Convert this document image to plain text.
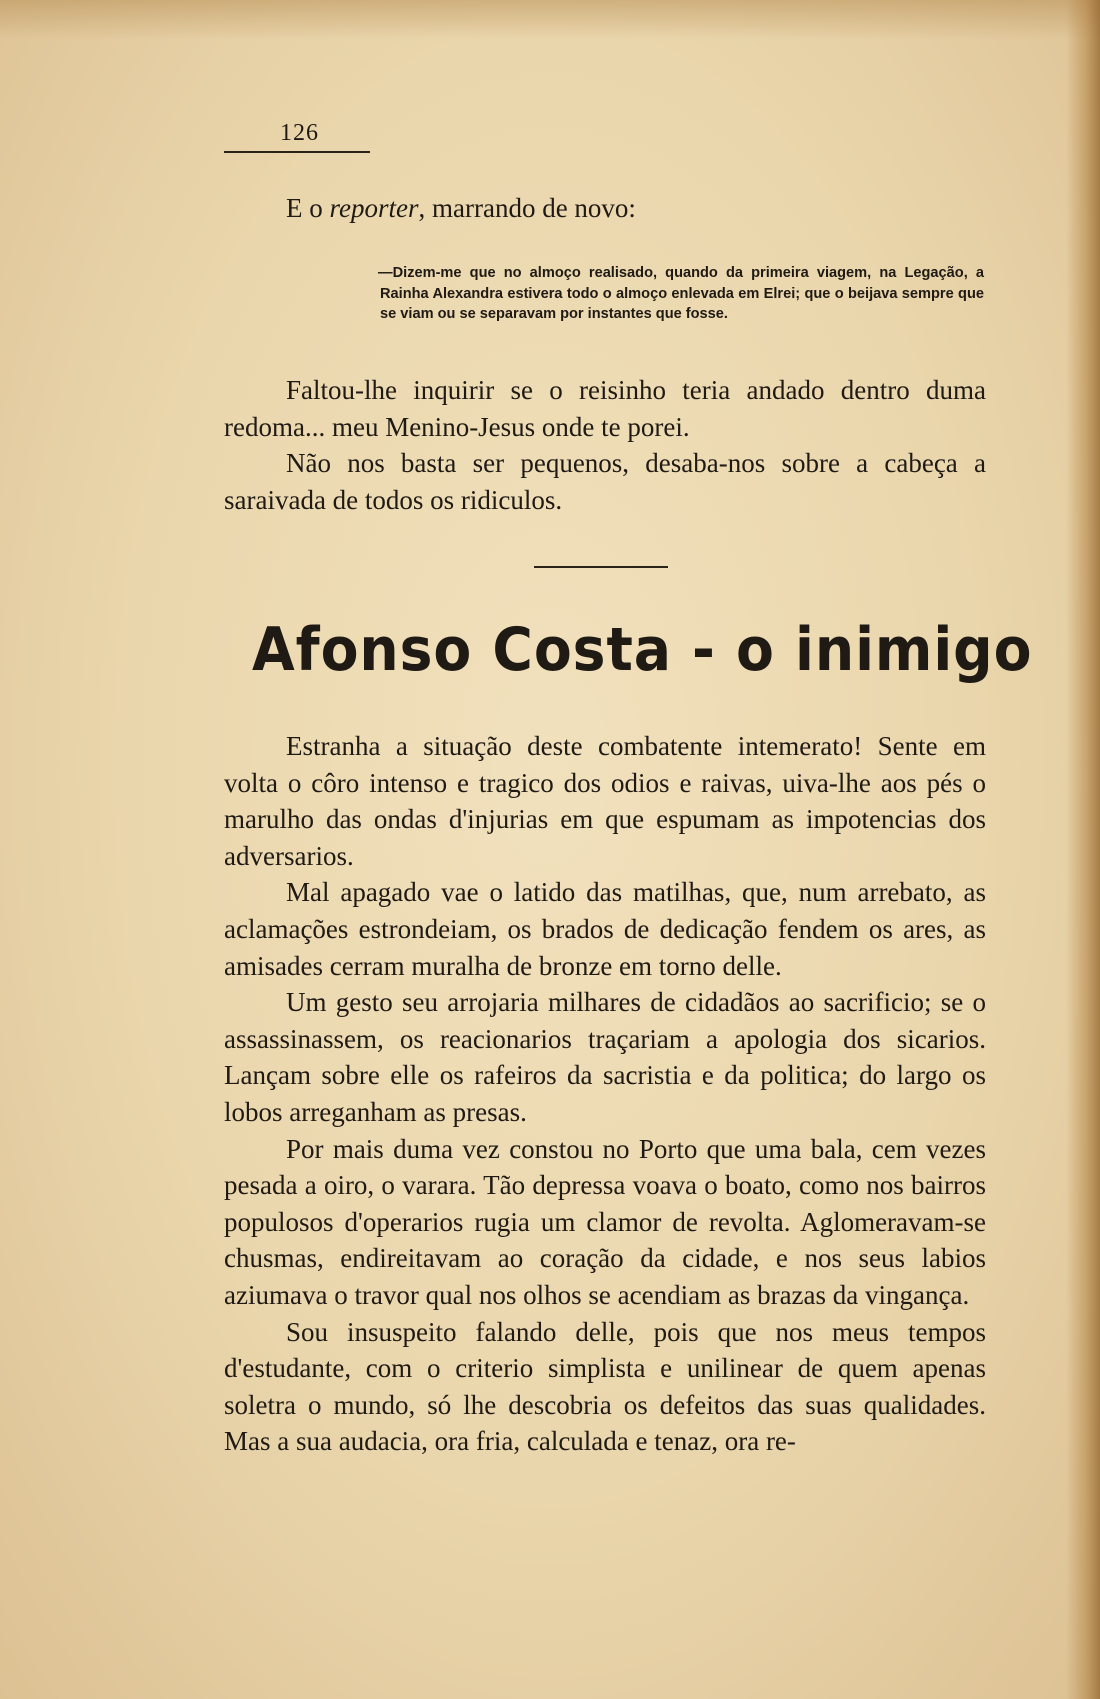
126

E o reporter, marrando de novo:

—Dizem-me que no almoço realisado, quando da primeira viagem, na Legação, a Rainha Alexandra estivera todo o almoço enlevada em Elrei; que o beijava sempre que se viam ou se separavam por instantes que fosse.

Faltou-lhe inquirir se o reisinho teria andado dentro duma redoma... meu Menino-Jesus onde te porei.

Não nos basta ser pequenos, desaba-nos sobre a cabeça a saraivada de todos os ridiculos.

Afonso Costa - o inimigo

Estranha a situação deste combatente intemerato! Sente em volta o côro intenso e tragico dos odios e raivas, uiva-lhe aos pés o marulho das ondas d'injurias em que espumam as impotencias dos adversarios.

Mal apagado vae o latido das matilhas, que, num arrebato, as aclamações estrondeiam, os brados de dedicação fendem os ares, as amisades cerram muralha de bronze em torno delle.

Um gesto seu arrojaria milhares de cidadãos ao sacrificio; se o assassinassem, os reacionarios traçariam a apologia dos sicarios. Lançam sobre elle os rafeiros da sacristia e da politica; do largo os lobos arreganham as presas.

Por mais duma vez constou no Porto que uma bala, cem vezes pesada a oiro, o varara. Tão depressa voava o boato, como nos bairros populosos d'operarios rugia um clamor de revolta. Aglomeravam-se chusmas, endireitavam ao coração da cidade, e nos seus labios aziumava o travor qual nos olhos se acendiam as brazas da vingança.

Sou insuspeito falando delle, pois que nos meus tempos d'estudante, com o criterio simplista e unilinear de quem apenas soletra o mundo, só lhe descobria os defeitos das suas qualidades. Mas a sua audacia, ora fria, calculada e tenaz, ora re-
